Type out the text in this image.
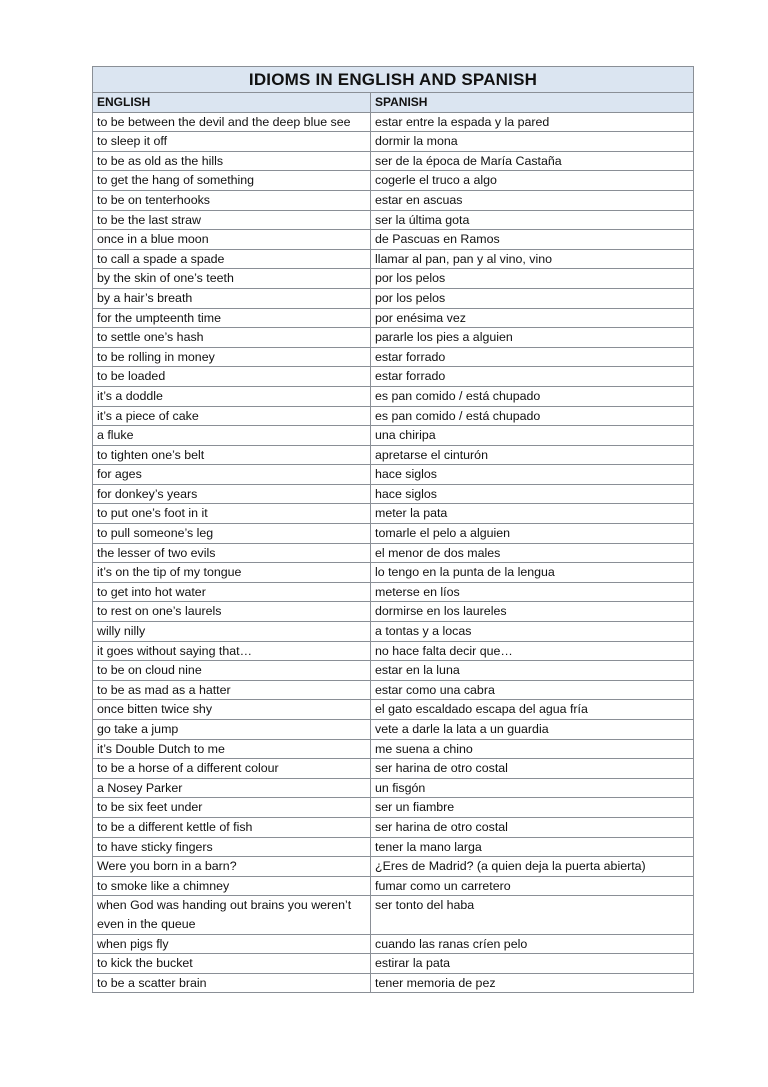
IDIOMS IN ENGLISH AND SPANISH	
ENGLISH	SPANISH
to be between the devil and the deep blue see	estar entre la espada y la pared
to sleep it off	dormir la mona
to be as old as the hills	ser de la época de María Castaña
to get the hang of something	cogerle el truco a algo
to be on tenterhooks	estar en ascuas
to be the last straw	ser la última gota
once in a blue moon	de Pascuas en Ramos
to call a spade a spade	llamar al pan, pan y al vino, vino
by the skin of one’s teeth	por los pelos
by a hair’s breath	por los pelos
for the umpteenth time	por enésima vez
to settle one’s hash	pararle los pies a alguien
to be rolling in money	estar forrado
to be loaded	estar forrado
it’s a doddle	es pan comido / está chupado
it’s a piece of cake	es pan comido / está chupado
a fluke	una chiripa
to tighten one’s belt	apretarse el cinturón
for ages	hace siglos
for donkey’s years	hace siglos
to put one’s foot in it	meter la pata
to pull someone’s leg	tomarle el pelo a alguien
the lesser of two evils	el menor de dos males
it’s on the tip of my tongue	lo tengo en la punta de la lengua
to get into hot water	meterse en líos
to rest on one’s laurels	dormirse en los laureles
willy nilly	a tontas y a locas
it goes without saying that…	no hace falta decir que…
to be on cloud nine	estar en la luna
to be as mad as a hatter	estar como una cabra
once bitten twice shy	el gato escaldado escapa del agua fría
go take a jump	vete a darle la lata a un guardia
it’s Double Dutch to me	me suena a chino
to be a horse of a different colour	ser harina de otro costal
a Nosey Parker	un fisgón
to be six feet under	ser un fiambre
to be a different kettle of fish	ser harina de otro costal
to have sticky fingers	tener la mano larga
Were you born in a barn?	¿Eres de Madrid? (a quien deja la puerta abierta)
to smoke like a chimney	fumar como un carretero
when God was handing out brains you weren’t even in the queue	ser tonto del haba
when pigs fly	cuando las ranas críen pelo
to kick the bucket	estirar la pata
to be a scatter brain	tener memoria de pez
